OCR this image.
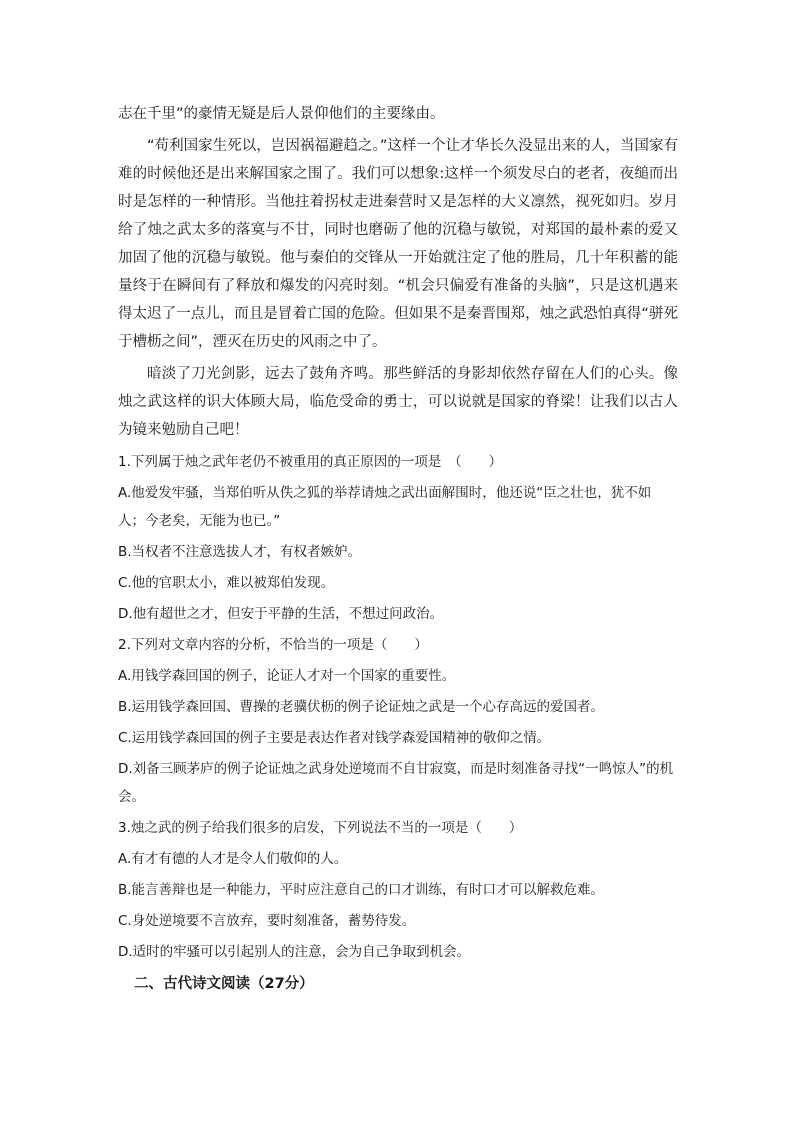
志在千里”的豪情无疑是后人景仰他们的主要缘由。

“苟利国家生死以，岂因祸福避趋之。”这样一个让才华长久没显出来的人，当国家有难的时候他还是出来解国家之围了。我们可以想象:这样一个须发尽白的老者，夜缒而出时是怎样的一种情形。当他拄着拐杖走进秦营时又是怎样的大义凛然，视死如归。岁月给了烛之武太多的落寞与不甘，同时也磨砺了他的沉稳与敏锐，对郑国的最朴素的爱又加固了他的沉稳与敏锐。他与秦伯的交锋从一开始就注定了他的胜局，几十年积蓄的能量终于在瞬间有了释放和爆发的闪亮时刻。“机会只偏爱有准备的头脑”，只是这机遇来得太迟了一点儿，而且是冒着亡国的危险。但如果不是秦晋围郑，烛之武恐怕真得“骈死于槽枥之间”，湮灭在历史的风雨之中了。

暗淡了刀光剑影，远去了鼓角齐鸣。那些鲜活的身影却依然存留在人们的心头。像烛之武这样的识大体顾大局，临危受命的勇士，可以说就是国家的脊梁！让我们以古人为镜来勉励自己吧！

1.下列属于烛之武年老仍不被重用的真正原因的一项是　（　　）

A.他爱发牢骚，当郑伯听从佚之狐的举荐请烛之武出面解围时，他还说“臣之壮也，犹不如人；今老矣，无能为也已。”

B.当权者不注意选拔人才，有权者嫉妒。

C.他的官职太小，难以被郑伯发现。

D.他有超世之才，但安于平静的生活，不想过问政治。

2.下列对文章内容的分析，不恰当的一项是（　　）

A.用钱学森回国的例子，论证人才对一个国家的重要性。

B.运用钱学森回国、曹操的老骥伏枥的例子论证烛之武是一个心存高远的爱国者。

C.运用钱学森回国的例子主要是表达作者对钱学森爱国精神的敬仰之情。

D.刘备三顾茅庐的例子论证烛之武身处逆境而不自甘寂寞，而是时刻准备寻找“一鸣惊人”的机会。

3.烛之武的例子给我们很多的启发，下列说法不当的一项是（　　）

A.有才有德的人才是令人们敬仰的人。

B.能言善辩也是一种能力，平时应注意自己的口才训练，有时口才可以解救危难。

C.身处逆境要不言放弃，要时刻准备，蓄势待发。

D.适时的牢骚可以引起别人的注意，会为自己争取到机会。

二、古代诗文阅读（27分）
